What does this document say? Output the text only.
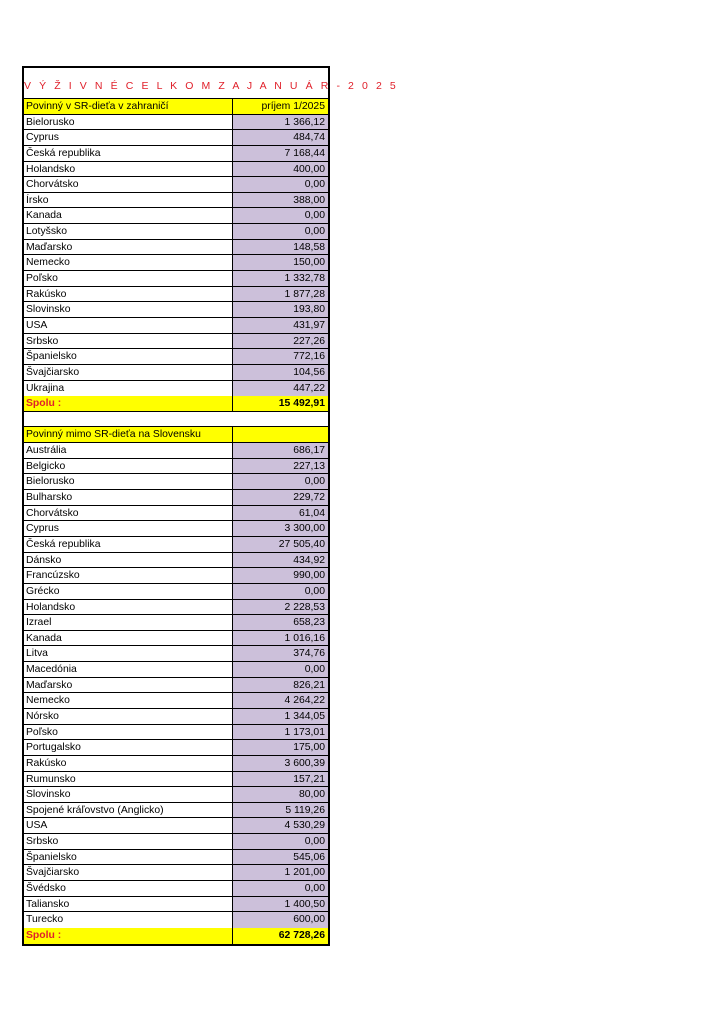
V Ý Ž I V N É C E L K O M Z A J A N U Á R - 2 0 2 5
Povinný v SR-dieťa v zahraničí	príjem 1/2025
Bielorusko	1 366,12
Cyprus	484,74
Česká republika	7 168,44
Holandsko	400,00
Chorvátsko	0,00
Írsko	388,00
Kanada	0,00
Lotyšsko	0,00
Maďarsko	148,58
Nemecko	150,00
Poľsko	1 332,78
Rakúsko	1 877,28
Slovinsko	193,80
USA	431,97
Srbsko	227,26
Španielsko	772,16
Švajčiarsko	104,56
Ukrajina	447,22
Spolu :	15 492,91
Povinný mimo SR-dieťa na Slovensku
Austrália	686,17
Belgicko	227,13
Bielorusko	0,00
Bulharsko	229,72
Chorvátsko	61,04
Cyprus	3 300,00
Česká republika	27 505,40
Dánsko	434,92
Francúzsko	990,00
Grécko	0,00
Holandsko	2 228,53
Izrael	658,23
Kanada	1 016,16
Litva	374,76
Macedónia	0,00
Maďarsko	826,21
Nemecko	4 264,22
Nórsko	1 344,05
Poľsko	1 173,01
Portugalsko	175,00
Rakúsko	3 600,39
Rumunsko	157,21
Slovinsko	80,00
Spojené kráľovstvo (Anglicko)	5 119,26
USA	4 530,29
Srbsko	0,00
Španielsko	545,06
Švajčiarsko	1 201,00
Švédsko	0,00
Taliansko	1 400,50
Turecko	600,00
Spolu :	62 728,26
